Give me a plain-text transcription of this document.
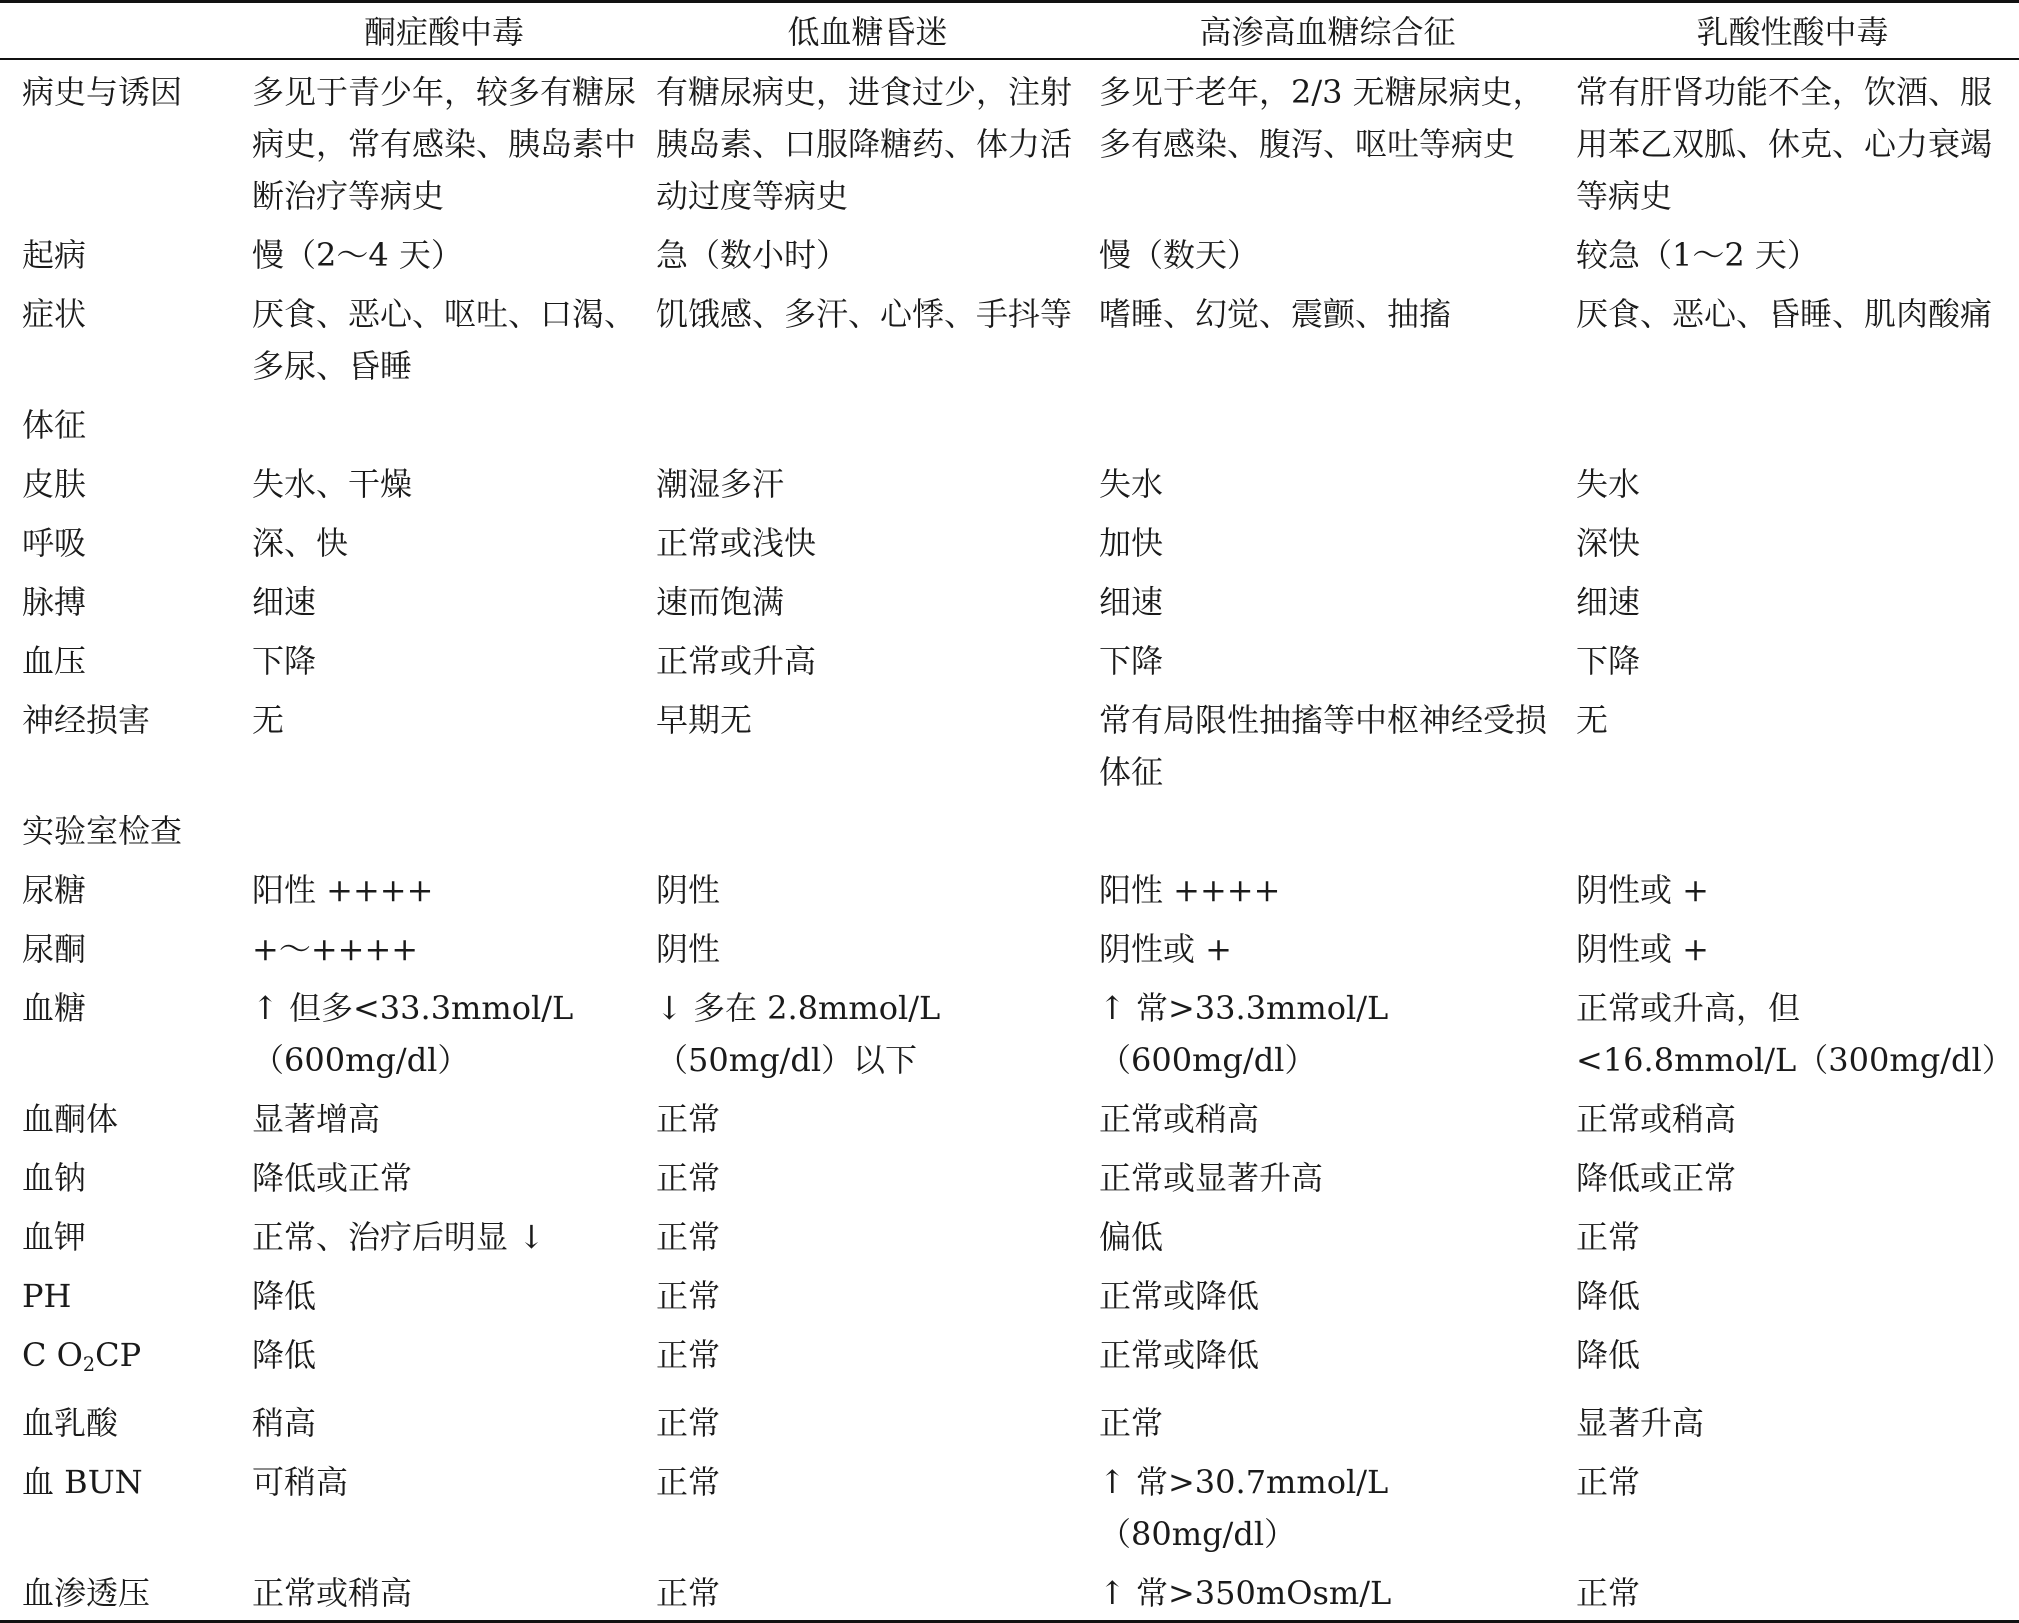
	酮症酸中毒	低血糖昏迷	高渗高血糖综合征	乳酸性酸中毒
病史与诱因	多见于青少年，较多有糖尿病史，常有感染、胰岛素中断治疗等病史	有糖尿病史，进食过少，注射胰岛素、口服降糖药、体力活动过度等病史	多见于老年，2/3 无糖尿病史，多有感染、腹泻、呕吐等病史	常有肝肾功能不全，饮酒、服用苯乙双胍、休克、心力衰竭等病史
起病	慢（2～4 天）	急（数小时）	慢（数天）	较急（1～2 天）
症状	厌食、恶心、呕吐、口渴、多尿、昏睡	饥饿感、多汗、心悸、手抖等	嗜睡、幻觉、震颤、抽搐	厌食、恶心、昏睡、肌肉酸痛
体征				
皮肤	失水、干燥	潮湿多汗	失水	失水
呼吸	深、快	正常或浅快	加快	深快
脉搏	细速	速而饱满	细速	细速
血压	下降	正常或升高	下降	下降
神经损害	无	早期无	常有局限性抽搐等中枢神经受损体征	无
实验室检查				
尿糖	阳性 ++++	阴性	阳性 ++++	阴性或 +
尿酮	+～++++	阴性	阴性或 +	阴性或 +
血糖	↑ 但多<33.3mmol/L（600mg/dl）	↓ 多在 2.8mmol/L（50mg/dl）以下	↑ 常>33.3mmol/L（600mg/dl）	正常或升高，但<16.8mmol/L（300mg/dl）
血酮体	显著增高	正常	正常或稍高	正常或稍高
血钠	降低或正常	正常	正常或显著升高	降低或正常
血钾	正常、治疗后明显 ↓	正常	偏低	正常
PH	降低	正常	正常或降低	降低
C $O_2CP$	降低	正常	正常或降低	降低
血乳酸	稍高	正常	正常	显著升高
血 BUN	可稍高	正常	↑ 常>30.7mmol/L（80mg/dl）	正常
血渗透压	正常或稍高	正常	↑ 常>350mOsm/L	正常
